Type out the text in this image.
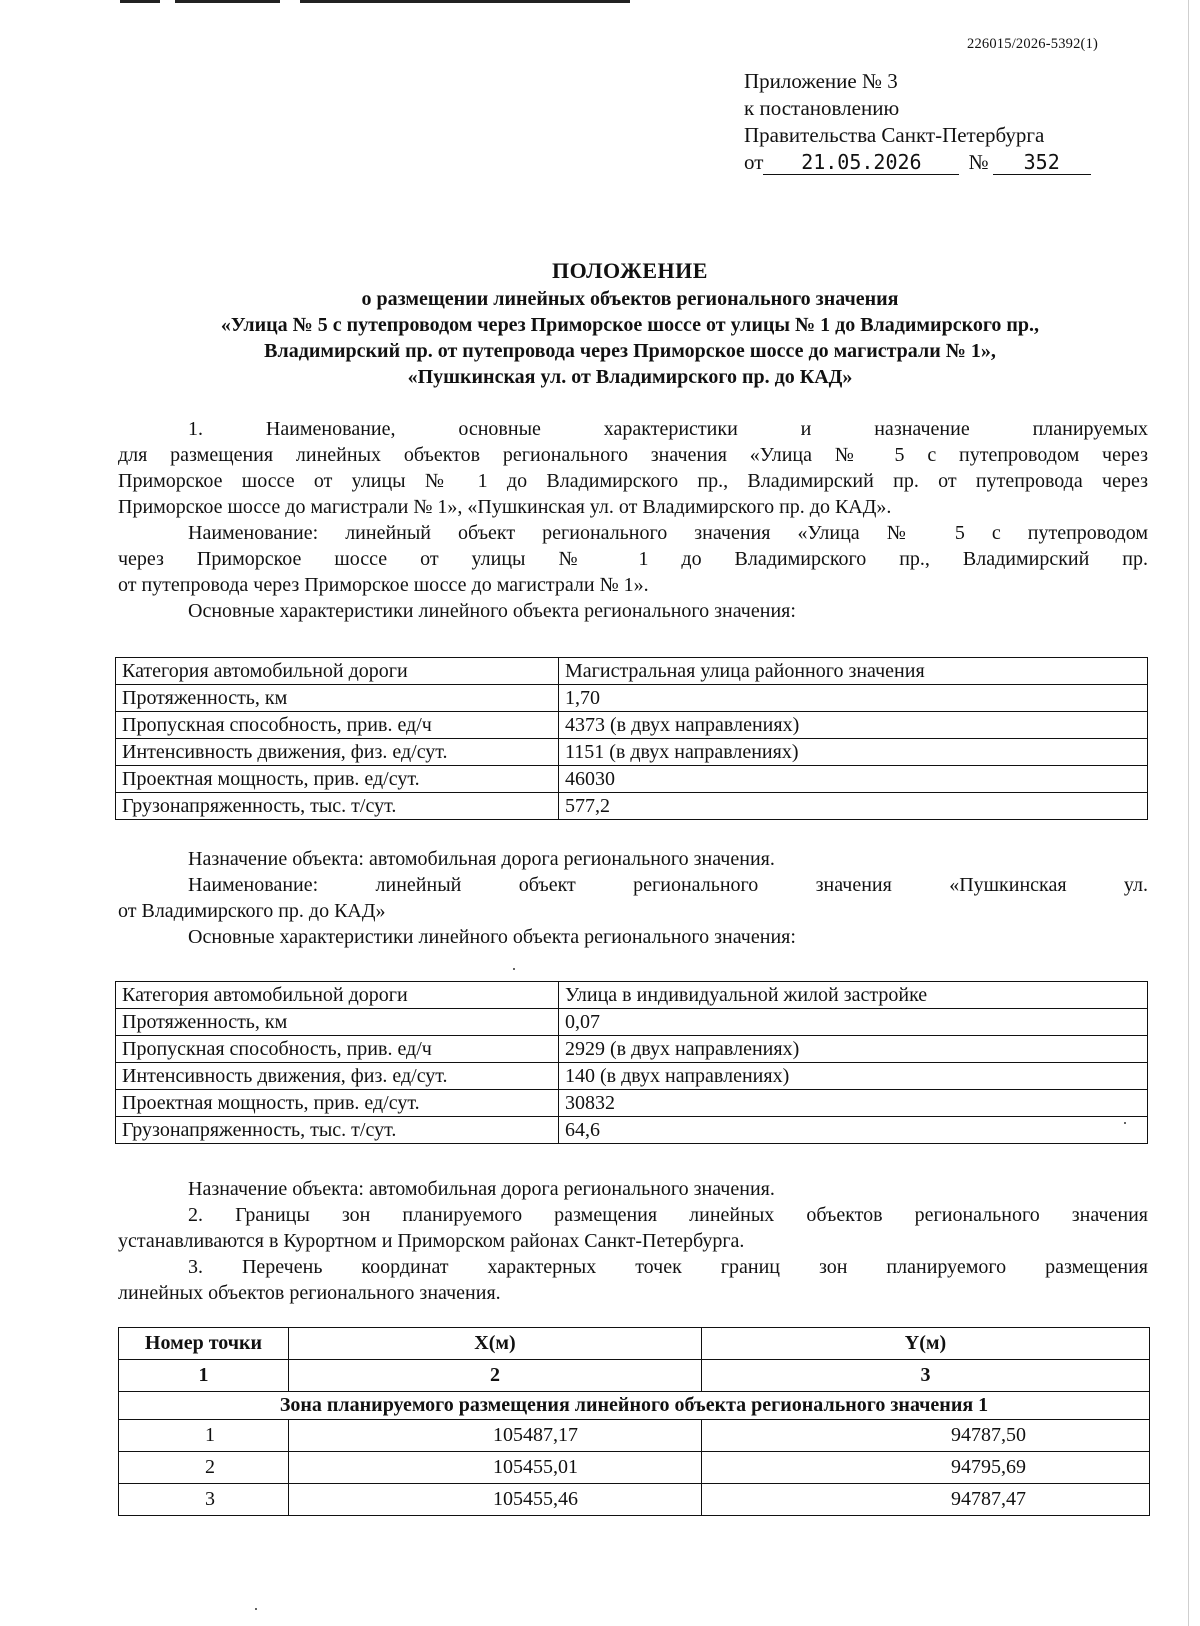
226015/2026-5392(1)
Приложение № 3
к постановлению
Правительства Санкт-Петербурга
от 21.05.2026 № 352
ПОЛОЖЕНИЕ
о размещении линейных объектов регионального значения
«Улица № 5 с путепроводом через Приморское шоссе от улицы № 1 до Владимирского пр.,
Владимирский пр. от путепровода через Приморское шоссе до магистрали № 1»,
«Пушкинская ул. от Владимирского пр. до КАД»
1. Наименование, основные характеристики и назначение планируемых
для размещения линейных объектов регионального значения «Улица № 5 с путепроводом через
Приморское шоссе от улицы № 1 до Владимирского пр., Владимирский пр. от путепровода через
Приморское шоссе до магистрали № 1», «Пушкинская ул. от Владимирского пр. до КАД».
Наименование: линейный объект регионального значения «Улица № 5 с путепроводом
через Приморское шоссе от улицы № 1 до Владимирского пр., Владимирский пр.
от путепровода через Приморское шоссе до магистрали № 1».
Основные характеристики линейного объекта регионального значения:
Категория автомобильной дороги	Магистральная улица районного значения
Протяженность, км	1,70
Пропускная способность, прив. ед/ч	4373 (в двух направлениях)
Интенсивность движения, физ. ед/сут.	1151 (в двух направлениях)
Проектная мощность, прив. ед/сут.	46030
Грузонапряженность, тыс. т/сут.	577,2
Назначение объекта: автомобильная дорога регионального значения.
Наименование: линейный объект регионального значения «Пушкинская ул.
от Владимирского пр. до КАД»
Основные характеристики линейного объекта регионального значения:
Категория автомобильной дороги	Улица в индивидуальной жилой застройке
Протяженность, км	0,07
Пропускная способность, прив. ед/ч	2929 (в двух направлениях)
Интенсивность движения, физ. ед/сут.	140 (в двух направлениях)
Проектная мощность, прив. ед/сут.	30832
Грузонапряженность, тыс. т/сут.	64,6
Назначение объекта: автомобильная дорога регионального значения.
2. Границы зон планируемого размещения линейных объектов регионального значения
устанавливаются в Курортном и Приморском районах Санкт-Петербурга.
3. Перечень координат характерных точек границ зон планируемого размещения
линейных объектов регионального значения.
Номер точки	X(м)	Y(м)
1	2	3
Зона планируемого размещения линейного объекта регионального значения 1		
1	105487,17	94787,50
2	105455,01	94795,69
3	105455,46	94787,47
